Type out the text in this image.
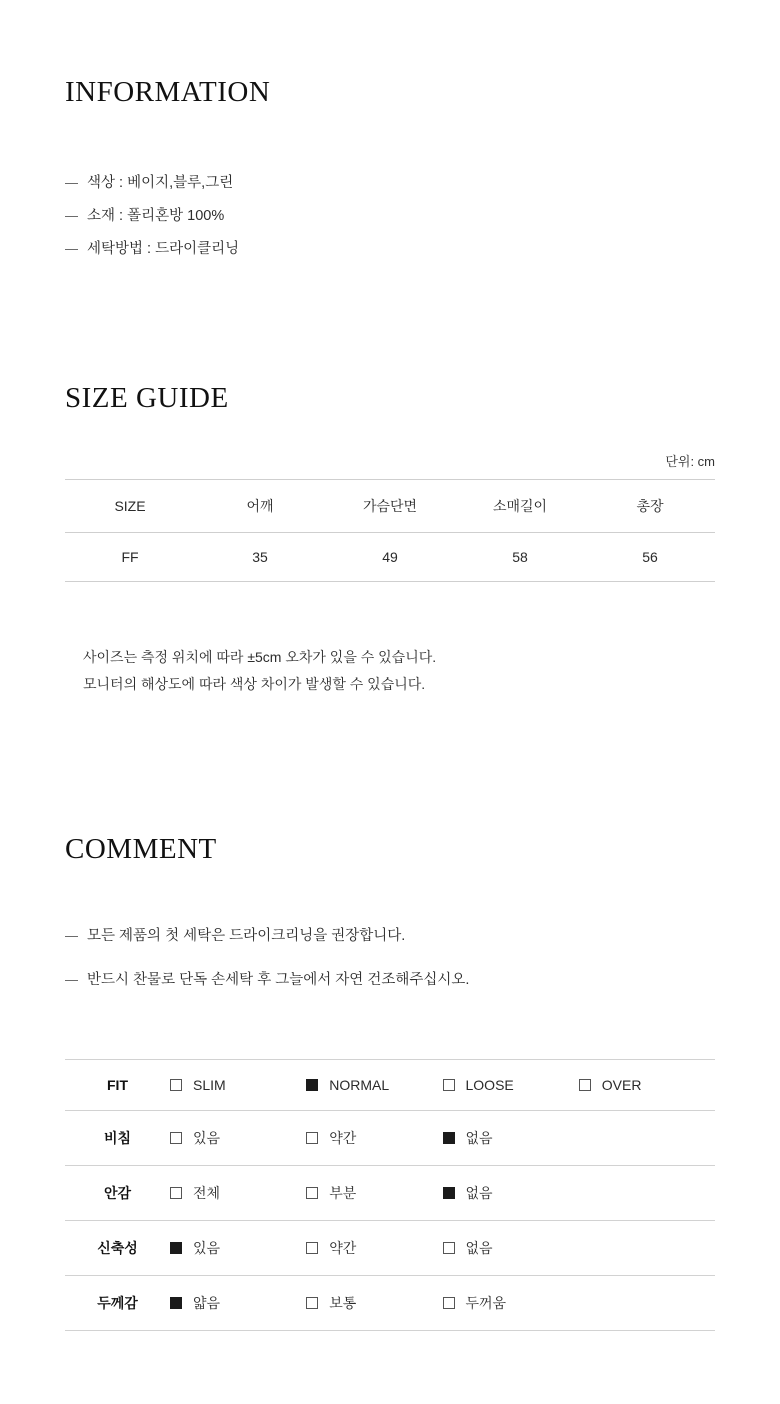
INFORMATION
— 색상 : 베이지,블루,그린
— 소재 : 폴리혼방 100%
— 세탁방법 : 드라이클리닝
SIZE GUIDE
단위: cm
SIZE	어깨	가슴단면	소매길이	총장
FF	35	49	58	56
사이즈는 측정 위치에 따라 ±5cm 오차가 있을 수 있습니다.
모니터의 해상도에 따라 색상 차이가 발생할 수 있습니다.
COMMENT
— 모든 제품의 첫 세탁은 드라이크리닝을 권장합니다.
— 반드시 찬물로 단독 손세탁 후 그늘에서 자연 건조해주십시오.
FIT	SLIM	NORMAL	LOOSE	OVER

비침	있음	약간	없음	

안감	전체	부분	없음	

신축성	있음	약간	없음	

두께감	얇음	보통	두꺼움	
